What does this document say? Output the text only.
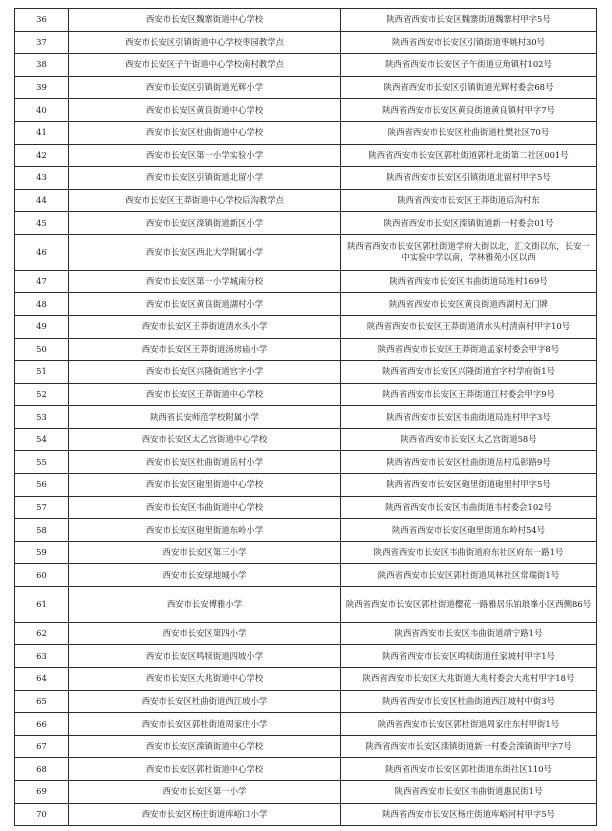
36	西安市长安区魏寨街道中心学校	陕西省西安市长安区魏寨街道魏寨村甲字5号
37	西安市长安区引镇街道中心学校枣园教学点	陕西省西安市长安区引镇街道枣姚村30号
38	西安市长安区子午街道中心学校南村教学点	陕西省西安市长安区子午街道豆角镇村102号
39	西安市长安区引镇街道光辉小学	陕西省西安市长安区引镇街道光辉村委会68号
40	西安市长安区黄良街道中心学校	陕西省西安市长安区黄良街道黄良镇村甲字7号
41	西安市长安区杜曲街道中心学校	陕西省西安市长安区杜曲街道杜樊社区70号
42	西安市长安区第一小学实验小学	陕西省西安市长安区郭杜街道郭杜北街第二社区001号
43	西安市长安区引镇街道北留小学	陕西省西安市长安区引镇街道北留村甲字5号
44	西安市长安区王莽街道中心学校后沟教学点	陕西省西安市长安区王莽街道后沟村东
45	西安市长安区滦镇街道新区小学	陕西省西安市长安区滦镇街道新一村委会01号
46	西安市长安区西北大学附属小学	陕西省西安市长安区郭杜街道学府大街以北，汇文街以东，长安一中实验中学以南，学林雅苑小区以西
47	西安市长安区第一小学城南分校	陕西省西安市长安区韦曲街道局连村169号
48	西安市长安区黄良街道湖村小学	陕西省西安市长安区黄良街道西湖村无门牌
49	西安市长安区王莽街道清水头小学	陕西省西安市长安区王莽街道清水头村清南村甲字10号
50	西安市长安区王莽街道汤房庙小学	陕西省西安市长安区王莽街道孟家村委会甲字8号
51	西安市长安区兴隆街道官字小学	陕西省西安市长安区兴隆街道官字村学府街1号
52	西安市长安区王莽街道中心学校	陕西省西安市长安区王莽街道江村委会甲字9号
53	陕西省长安师范学校附属小学	陕西省西安市长安区韦曲街道局连村甲字3号
54	西安市长安区太乙宫街道中心学校	陕西省西安市长安区太乙宫街道58号
55	西安市长安区杜曲街道岳村小学	陕西省西安市长安区杜曲街道岳村瓜彰路9号
56	西安市长安区砲里街道中心学校	陕西省西安市长安区砲里街道砲里村甲字5号
57	西安市长安区韦曲街道中心学校	陕西省西安市长安区韦曲街道韦村委会102号
58	西安市长安区砲里街道东岭小学	陕西省西安市长安区砲里街道东岭村54号
59	西安市长安区第三小学	陕西省西安市长安区韦曲街道府东社区府东一路1号
60	西安市长安绿地城小学	陕西省西安市长安区郭杜街道凤林社区常瑞街1号
61	西安市长安博雅小学	陕西省西安市长安区郭杜街道樱花一路雅居乐铂琅峯小区西侧86号
62	西安市长安区第四小学	陕西省西安市长安区韦曲街道靖宁路1号
63	西安市长安区鸣犊街道四坡小学	陕西省西安市长安区鸣犊街道任家坡村甲字1号
64	西安市长安区大兆街道中心学校	陕西省西安市长安区大兆街道大兆村委会大兆村甲字18号
65	西安市长安区杜曲街道西江坡小学	陕西省西安市长安区杜曲街道西江坡村中街3号
66	西安市长安区郭杜街道周家庄小学	陕西省西安市长安区郭杜街道周家庄东村甲街1号
67	西安市长安区滦镇街道中心学校	陕西省西安市长安区滦镇街道新一村委会滦镇街甲字7号
68	西安市长安区郭杜街道中心学校	陕西省西安市长安区郭杜街道东街社区110号
69	西安市长安区第一小学	陕西省西安市长安区韦曲街道惠民街1号
70	西安市长安区杨庄街道库峪口小学	陕西省西安市长安区杨庄街道库峪河村甲字5号
